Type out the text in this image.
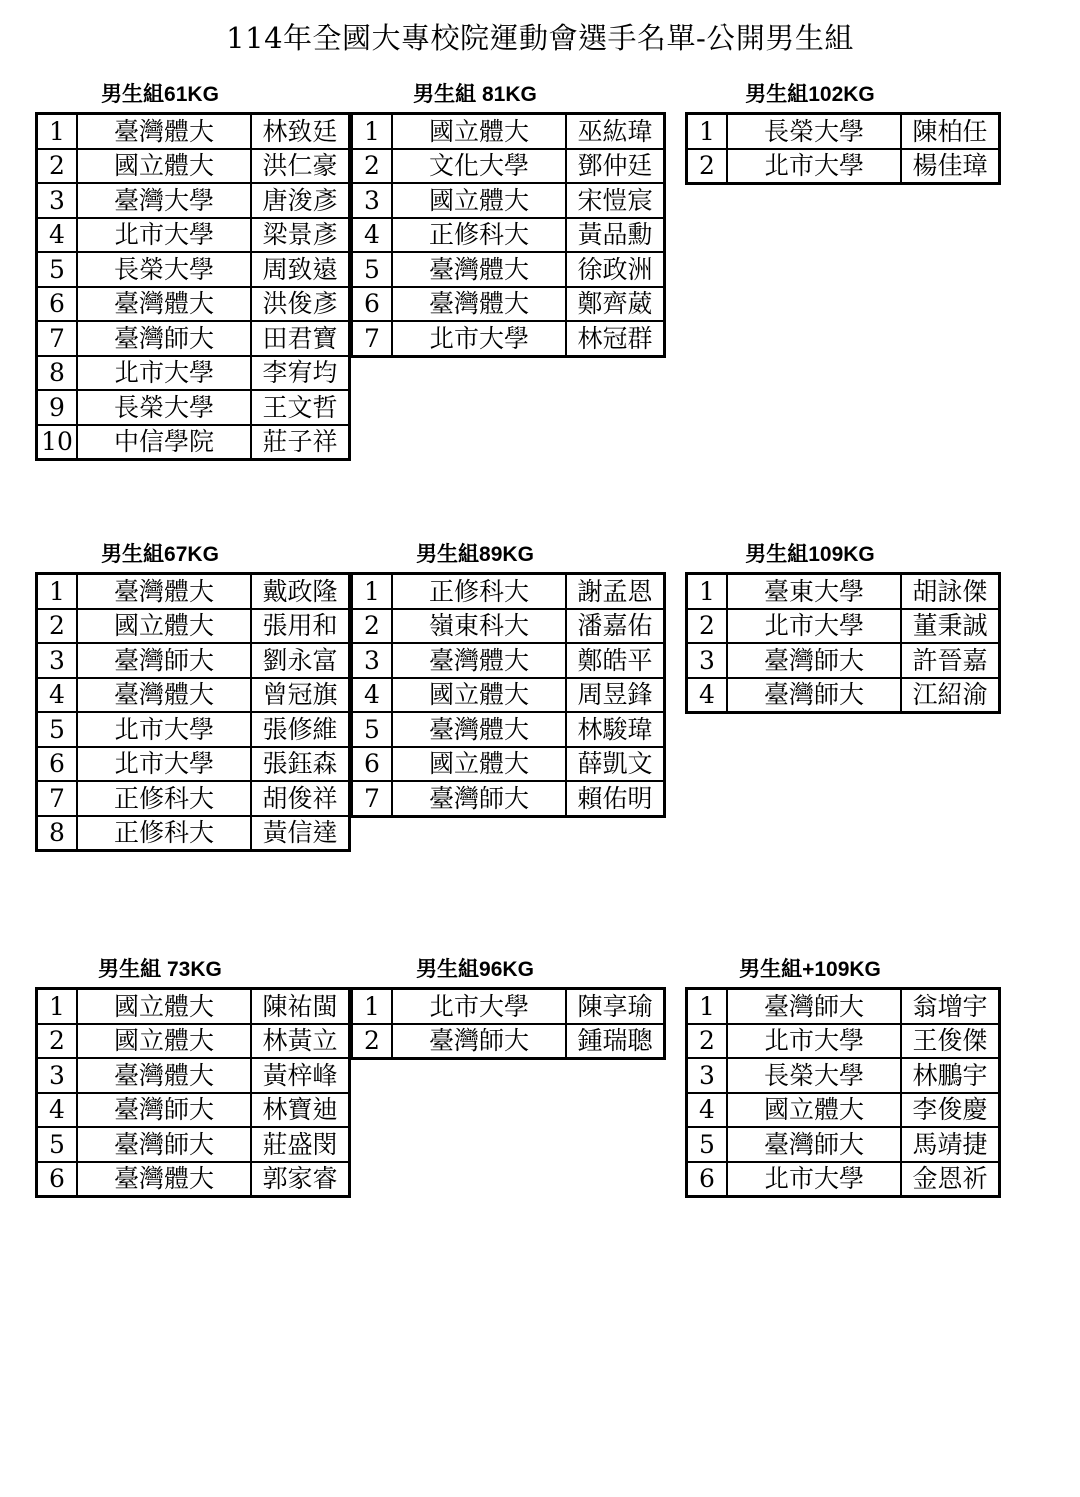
114年全國大專校院運動會選手名單-公開男生組
男生組61KG
1	臺灣體大	林致廷
2	國立體大	洪仁豪
3	臺灣大學	唐浚彥
4	北市大學	梁景彥
5	長榮大學	周致遠
6	臺灣體大	洪俊彥
7	臺灣師大	田君寶
8	北市大學	李宥均
9	長榮大學	王文哲
10	中信學院	莊子祥
男生組 81KG
1	國立體大	巫紘瑋
2	文化大學	鄧仲廷
3	國立體大	宋愷宸
4	正修科大	黃品勳
5	臺灣體大	徐政洲
6	臺灣體大	鄭齊葳
7	北市大學	林冠群
男生組102KG
1	長榮大學	陳柏任
2	北市大學	楊佳璋
男生組67KG
1	臺灣體大	戴政隆
2	國立體大	張用和
3	臺灣師大	劉永富
4	臺灣體大	曾冠旗
5	北市大學	張修維
6	北市大學	張鈺森
7	正修科大	胡俊祥
8	正修科大	黃信達
男生組89KG
1	正修科大	謝孟恩
2	嶺東科大	潘嘉佑
3	臺灣體大	鄭皓平
4	國立體大	周昱鋒
5	臺灣體大	林駿瑋
6	國立體大	薛凱文
7	臺灣師大	賴佑明
男生組109KG
1	臺東大學	胡詠傑
2	北市大學	董秉誠
3	臺灣師大	許晉嘉
4	臺灣師大	江紹渝
男生組 73KG
1	國立體大	陳祐閩
2	國立體大	林黃立
3	臺灣體大	黃梓峰
4	臺灣師大	林寶迪
5	臺灣師大	莊盛閔
6	臺灣體大	郭家睿
男生組96KG
1	北市大學	陳享瑜
2	臺灣師大	鍾瑞聰
男生組+109KG
1	臺灣師大	翁增宇
2	北市大學	王俊傑
3	長榮大學	林鵬宇
4	國立體大	李俊慶
5	臺灣師大	馬靖捷
6	北市大學	金恩祈
